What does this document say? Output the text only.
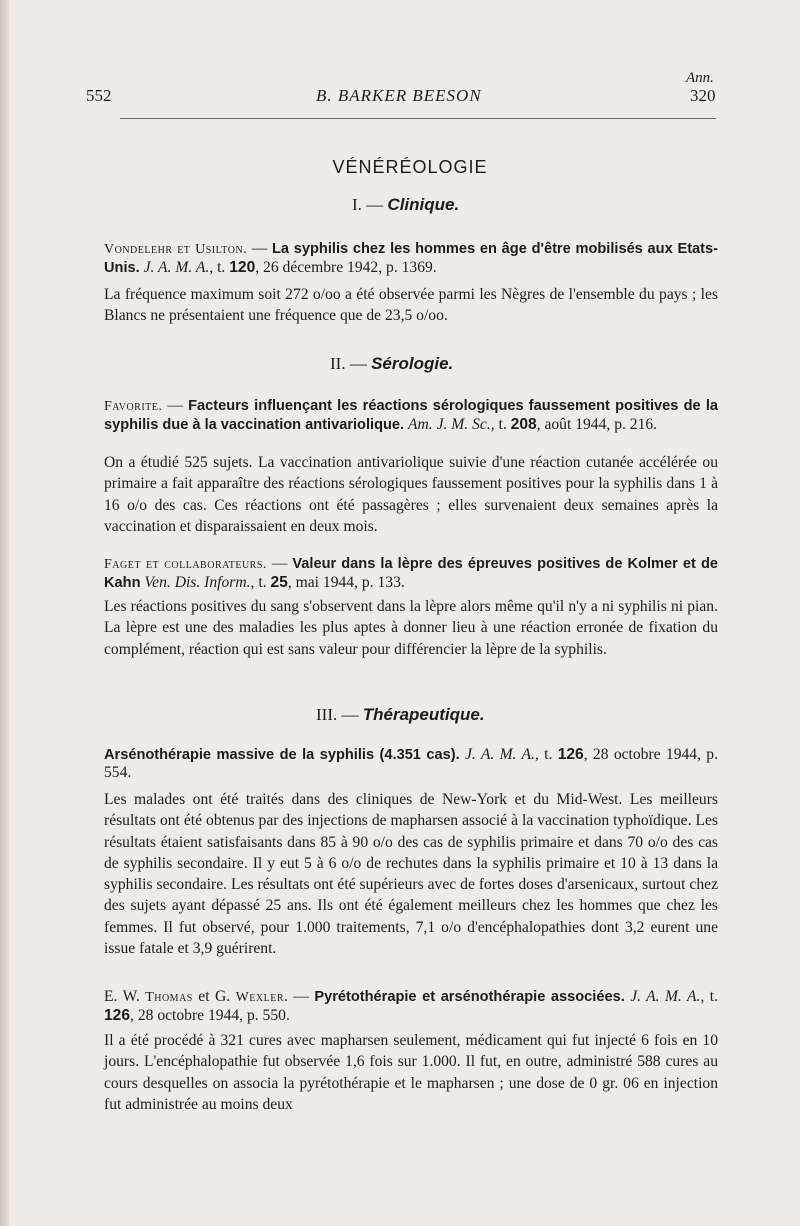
Ann.
552	B. BARKER BEESON	320
VÉNÉRÉOLOGIE
I. — Clinique.
Vondelehr et Usilton. — La syphilis chez les hommes en âge d'être mobilisés aux Etats-Unis. J. A. M. A., t. 120, 26 décembre 1942, p. 1369.
La fréquence maximum soit 272 o/oo a été observée parmi les Nègres de l'ensemble du pays ; les Blancs ne présentaient une fréquence que de 23,5 o/oo.
II. — Sérologie.
Favorite. — Facteurs influençant les réactions sérologiques faussement positives de la syphilis due à la vaccination antivariolique. Am. J. M. Sc., t. 208, août 1944, p. 216.
On a étudié 525 sujets. La vaccination antivariolique suivie d'une réaction cutanée accélérée ou primaire a fait apparaître des réactions sérologiques faussement positives pour la syphilis dans 1 à 16 o/o des cas. Ces réactions ont été passagères ; elles survenaient deux semaines après la vaccination et disparaissaient en deux mois.
Faget et collaborateurs. — Valeur dans la lèpre des épreuves positives de Kolmer et de Kahn Ven. Dis. Inform., t. 25, mai 1944, p. 133.
Les réactions positives du sang s'observent dans la lèpre alors même qu'il n'y a ni syphilis ni pian. La lèpre est une des maladies les plus aptes à donner lieu à une réaction erronée de fixation du complément, réaction qui est sans valeur pour différencier la lèpre de la syphilis.
III. — Thérapeutique.
Arsénothérapie massive de la syphilis (4.351 cas). J. A. M. A., t. 126, 28 octobre 1944, p. 554.
Les malades ont été traités dans des cliniques de New-York et du Mid-West. Les meilleurs résultats ont été obtenus par des injections de mapharsen associé à la vaccination typhoïdique. Les résultats étaient satisfaisants dans 85 à 90 o/o des cas de syphilis primaire et dans 70 o/o des cas de syphilis secondaire. Il y eut 5 à 6 o/o de rechutes dans la syphilis primaire et 10 à 13 dans la syphilis secondaire. Les résultats ont été supérieurs avec de fortes doses d'arsenicaux, surtout chez des sujets ayant dépassé 25 ans. Ils ont été également meilleurs chez les hommes que chez les femmes. Il fut observé, pour 1.000 traitements, 7,1 o/o d'encéphalopathies dont 3,2 eurent une issue fatale et 3,9 guérirent.
E. W. Thomas et G. Wexler. — Pyrétothérapie et arsénothérapie associées. J. A. M. A., t. 126, 28 octobre 1944, p. 550.
Il a été procédé à 321 cures avec mapharsen seulement, médicament qui fut injecté 6 fois en 10 jours. L'encéphalopathie fut observée 1,6 fois sur 1.000. Il fut, en outre, administré 588 cures au cours desquelles on associa la pyrétothérapie et le mapharsen ; une dose de 0 gr. 06 en injection fut administrée au moins deux
